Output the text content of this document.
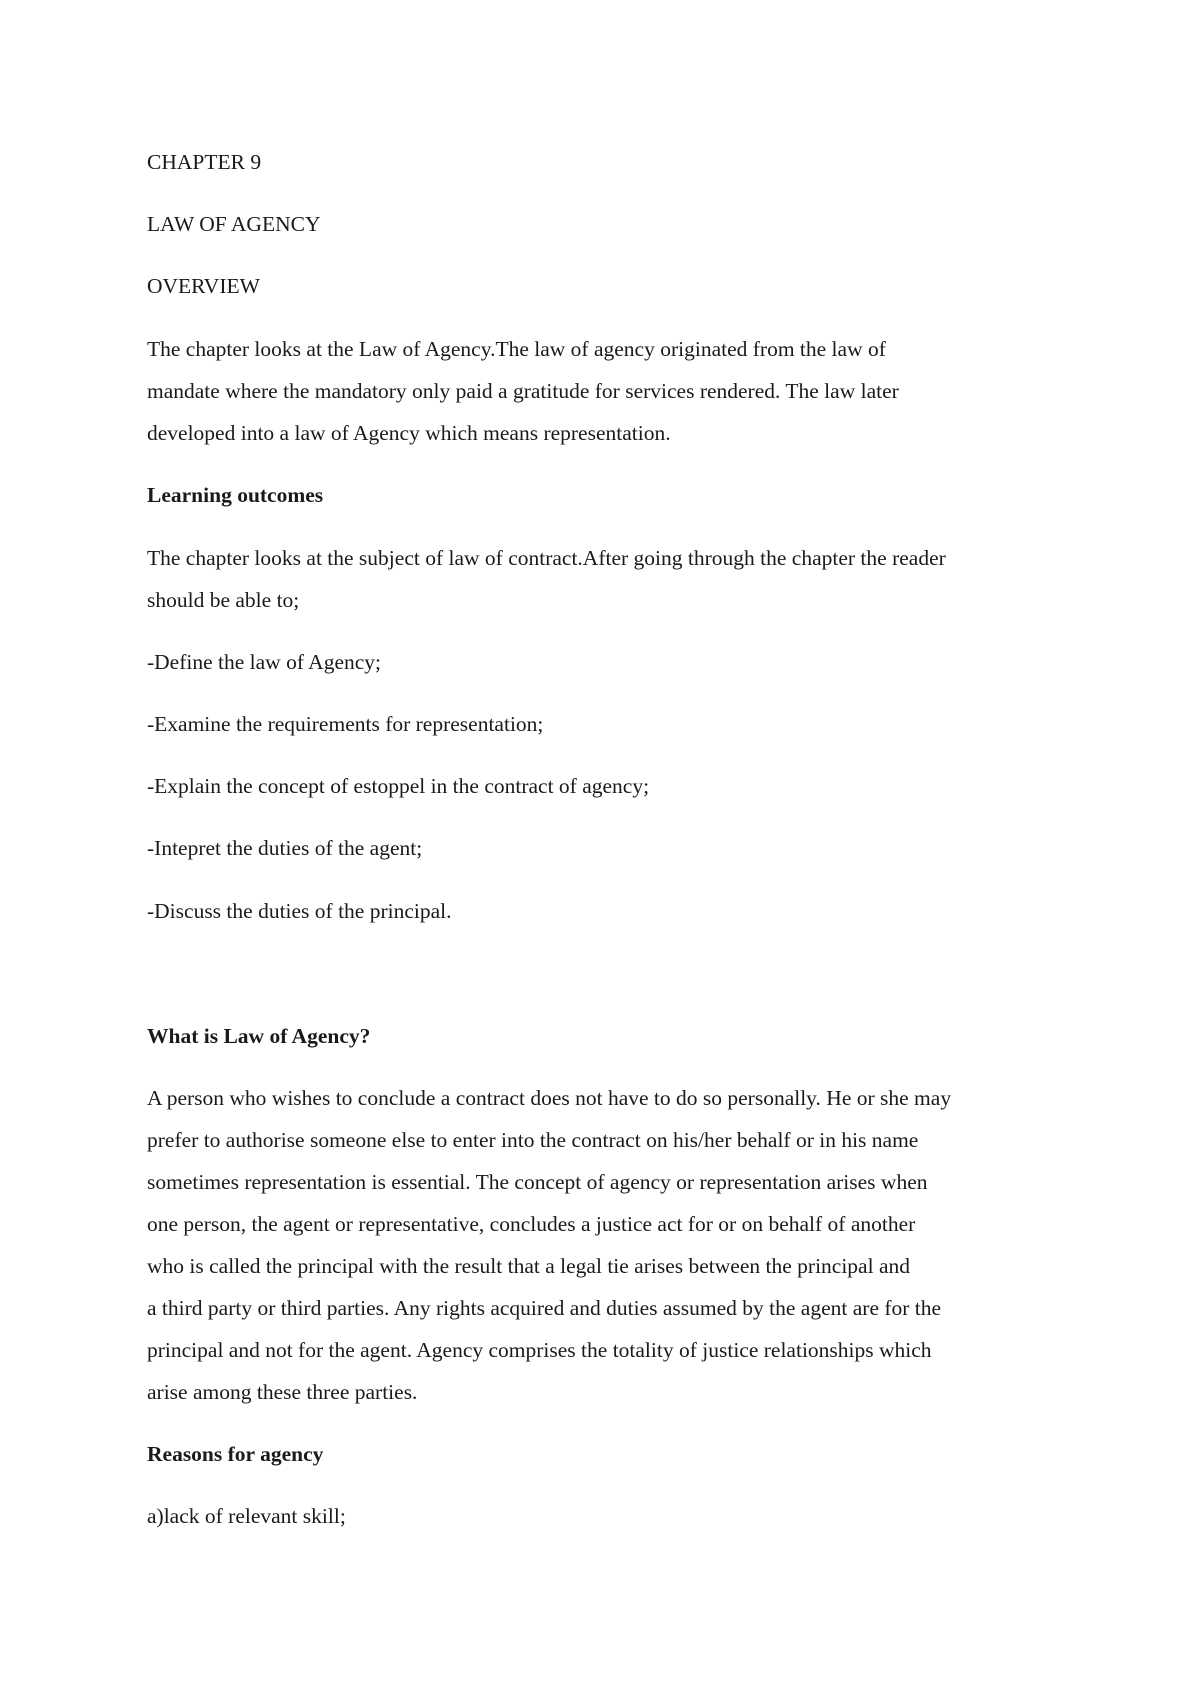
CHAPTER 9

LAW OF AGENCY

OVERVIEW

The chapter looks at the Law of Agency.The law of agency originated from the law of

mandate where the mandatory only paid a gratitude for services rendered. The law later

developed into a law of Agency which means representation.

Learning outcomes

The chapter looks at the subject of law of contract.After going through the chapter the reader

should be able to;

-Define the law of Agency;

-Examine the requirements for representation;

-Explain the concept of estoppel in the contract of agency;

-Intepret the duties of the agent;

-Discuss the duties of the principal.

What is Law of Agency?

A person who wishes to conclude a contract does not have to do so personally. He or she may

prefer to authorise someone else to enter into the contract on his/her behalf or in his name

sometimes representation is essential. The concept of agency or representation arises when

one person, the agent or representative, concludes a justice act for or on behalf of another

who is called the principal with the result that a legal tie arises between the principal and

a third party or third parties. Any rights acquired and duties assumed by the agent are for the

principal and not for the agent. Agency comprises the totality of justice relationships which

arise among these three parties.

Reasons for agency

a)lack of relevant skill;
